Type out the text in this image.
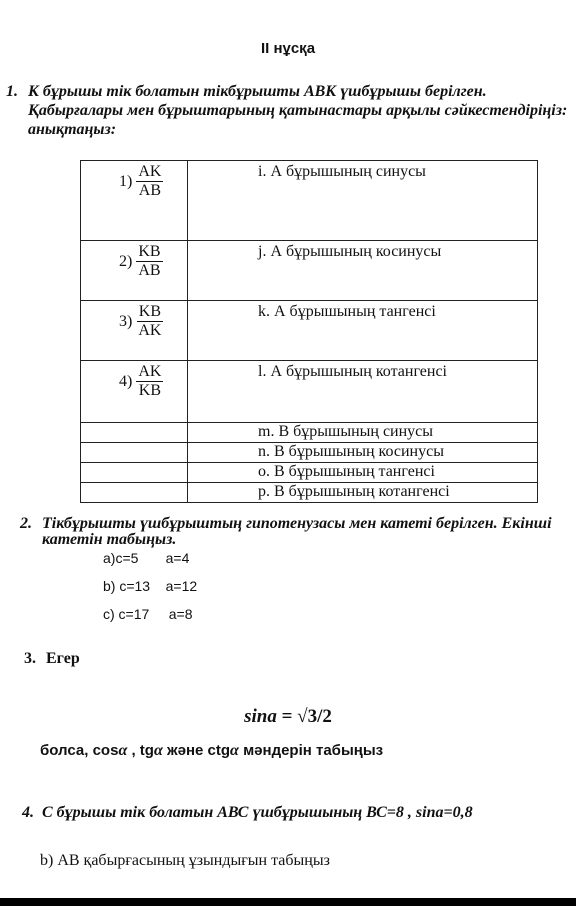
II нұсқа
1. К бұрышы тік болатын тікбұрышты АВК үшбұрышы берілген.
Қабырғалары мен бұрыштарының қатынастары арқылы сәйкестендіріңіз:
анықтаңыз:
$1) \frac{AK}{AB}$	i. А бұрышының синусы

$2) \frac{KB}{AB}$	j. А бұрышының косинусы

$3) \frac{KB}{AK}$	k. А бұрышының тангенсі

$4) \frac{AK}{KB}$	l. А бұрышының котангенсі
	m. В бұрышының синусы
	n. В бұрышының косинусы
	o. В бұрышының тангенсі
	p. В бұрышының котангенсі
2. Тікбұрышты үшбұрыштың гипотенузасы мен катеті берілген. Екінші
катетін табыңыз.
a)c=5       a=4
b) c=13    a=12
c) c=17     a=8
3. Егер
sina = √3/2
болса, cosα , tgα және ctgα мәндерін табыңыз
4. С бұрышы тік болатын АВС үшбұрышының ВС=8 , sina=0,8
b) АВ қабырғасының ұзындығын табыңыз
